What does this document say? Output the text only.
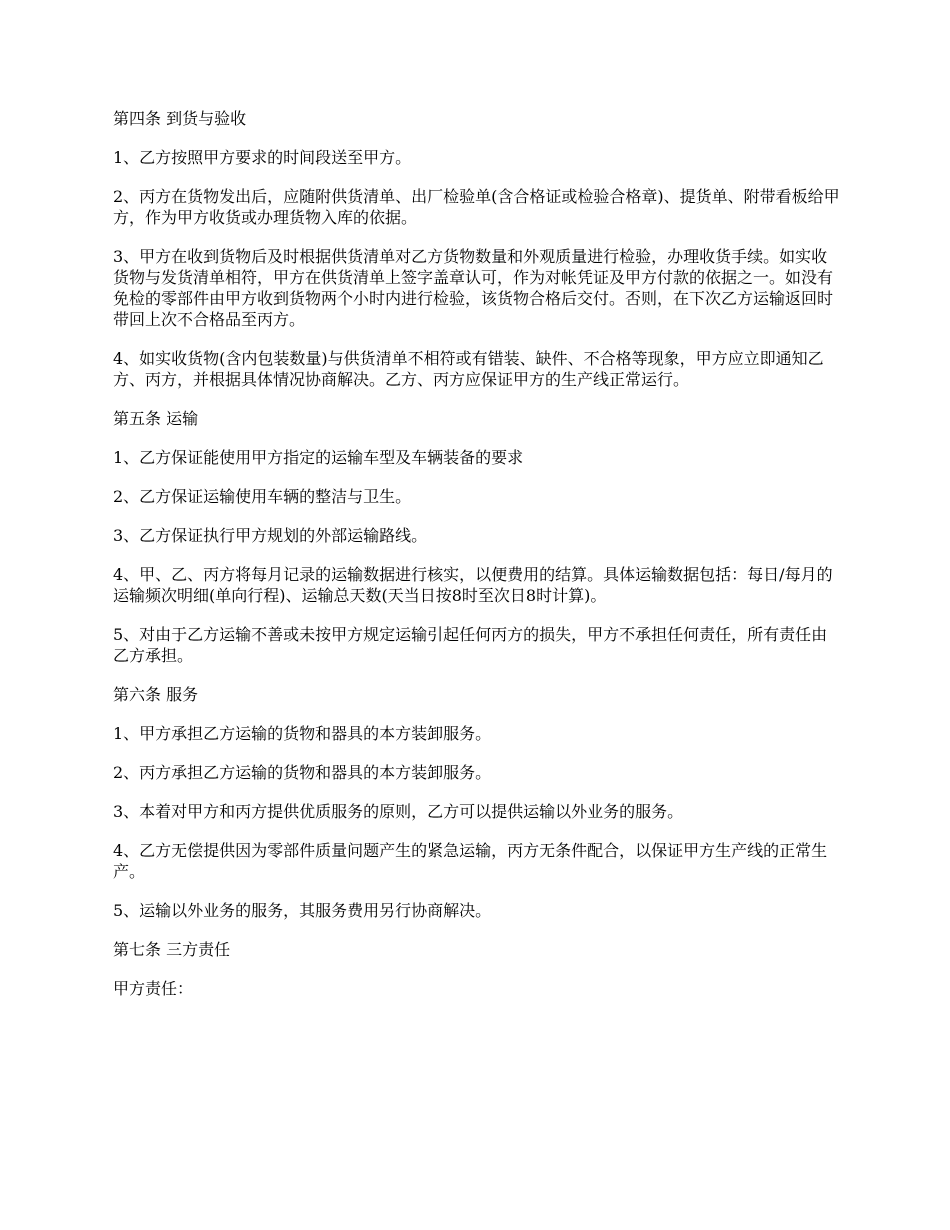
第四条 到货与验收

1、乙方按照甲方要求的时间段送至甲方。

2、丙方在货物发出后，应随附供货清单、出厂检验单(含合格证或检验合格章)、提货单、附带看板给甲方，作为甲方收货或办理货物入库的依据。

3、甲方在收到货物后及时根据供货清单对乙方货物数量和外观质量进行检验，办理收货手续。如实收货物与发货清单相符，甲方在供货清单上签字盖章认可，作为对帐凭证及甲方付款的依据之一。如没有免检的零部件由甲方收到货物两个小时内进行检验，该货物合格后交付。否则，在下次乙方运输返回时带回上次不合格品至丙方。

4、如实收货物(含内包装数量)与供货清单不相符或有错装、缺件、不合格等现象，甲方应立即通知乙方、丙方，并根据具体情况协商解决。乙方、丙方应保证甲方的生产线正常运行。

第五条 运输

1、乙方保证能使用甲方指定的运输车型及车辆装备的要求

2、乙方保证运输使用车辆的整洁与卫生。

3、乙方保证执行甲方规划的外部运输路线。

4、甲、乙、丙方将每月记录的运输数据进行核实，以便费用的结算。具体运输数据包括：每日/每月的运输频次明细(单向行程)、运输总天数(天当日按8时至次日8时计算)。

5、对由于乙方运输不善或未按甲方规定运输引起任何丙方的损失，甲方不承担任何责任，所有责任由乙方承担。

第六条 服务

1、甲方承担乙方运输的货物和器具的本方装卸服务。

2、丙方承担乙方运输的货物和器具的本方装卸服务。

3、本着对甲方和丙方提供优质服务的原则，乙方可以提供运输以外业务的服务。

4、乙方无偿提供因为零部件质量问题产生的紧急运输，丙方无条件配合，以保证甲方生产线的正常生产。

5、运输以外业务的服务，其服务费用另行协商解决。

第七条 三方责任

甲方责任：
